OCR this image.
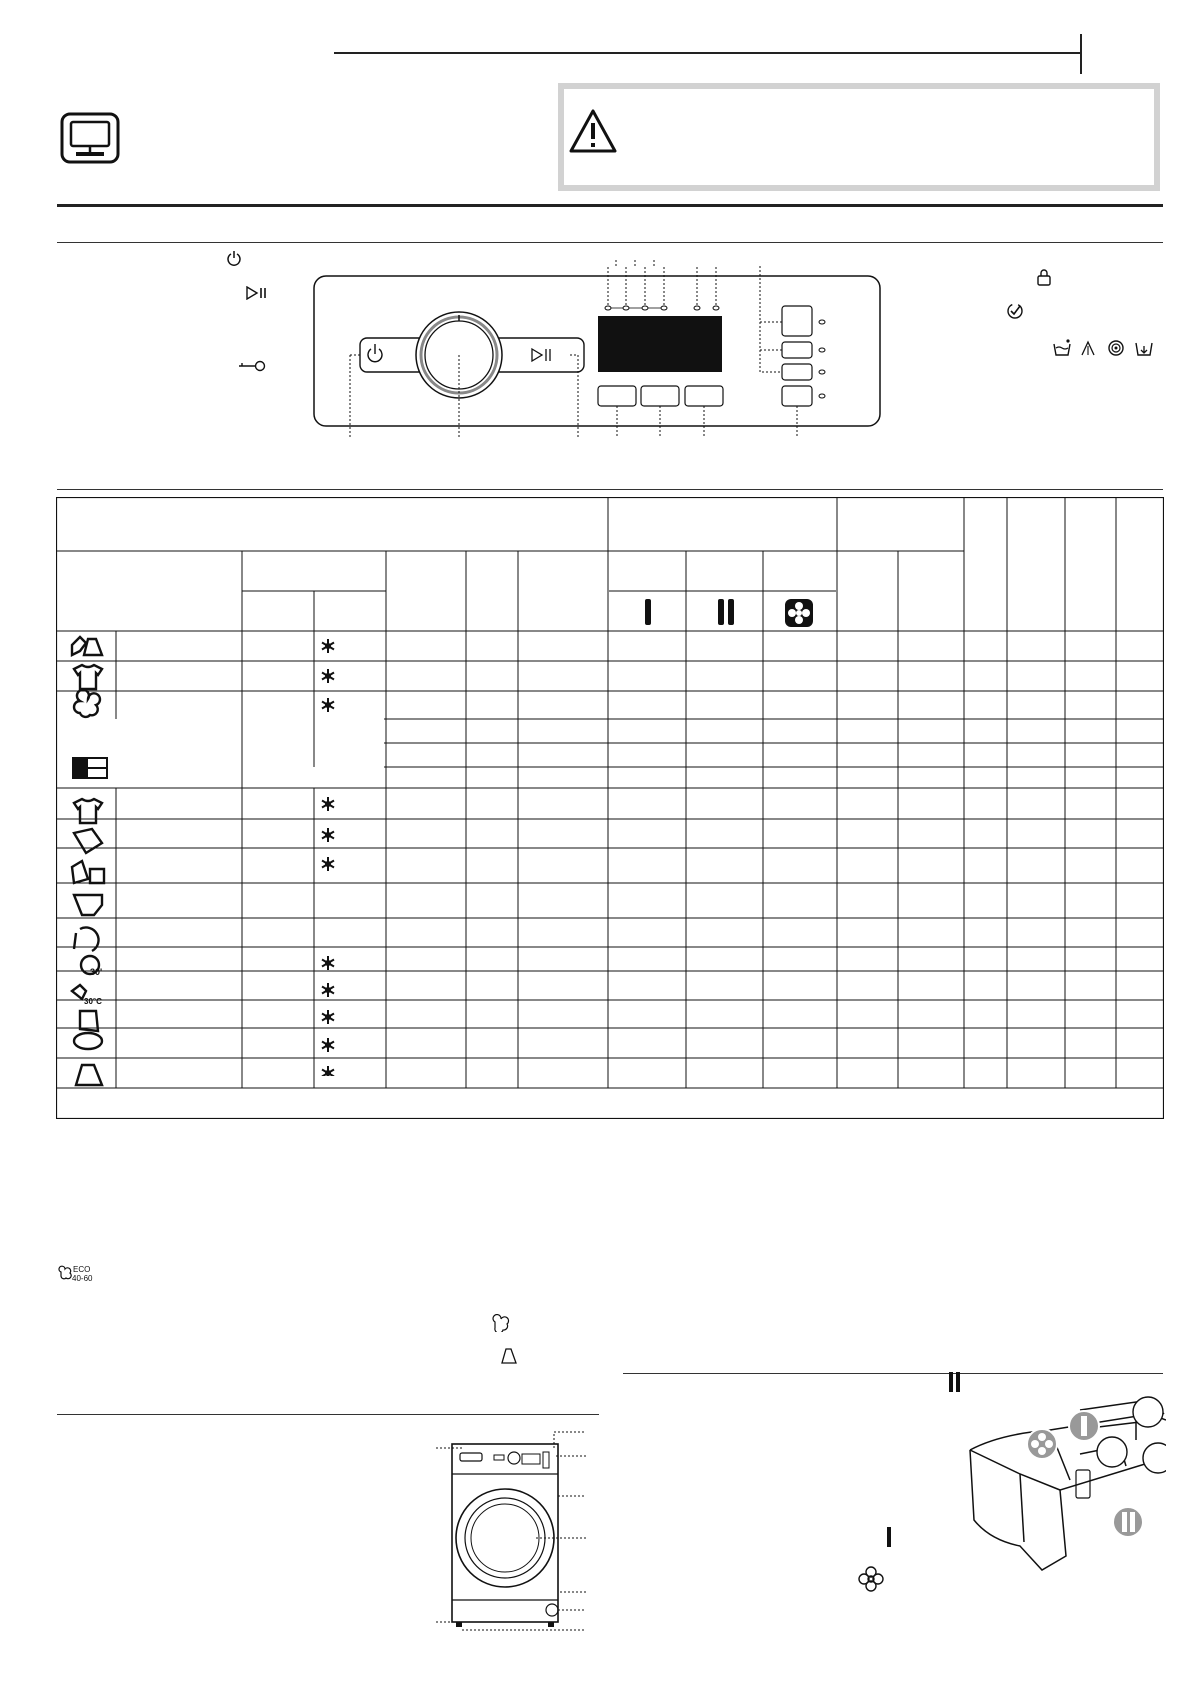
30'
30°C
ECO
40-60
